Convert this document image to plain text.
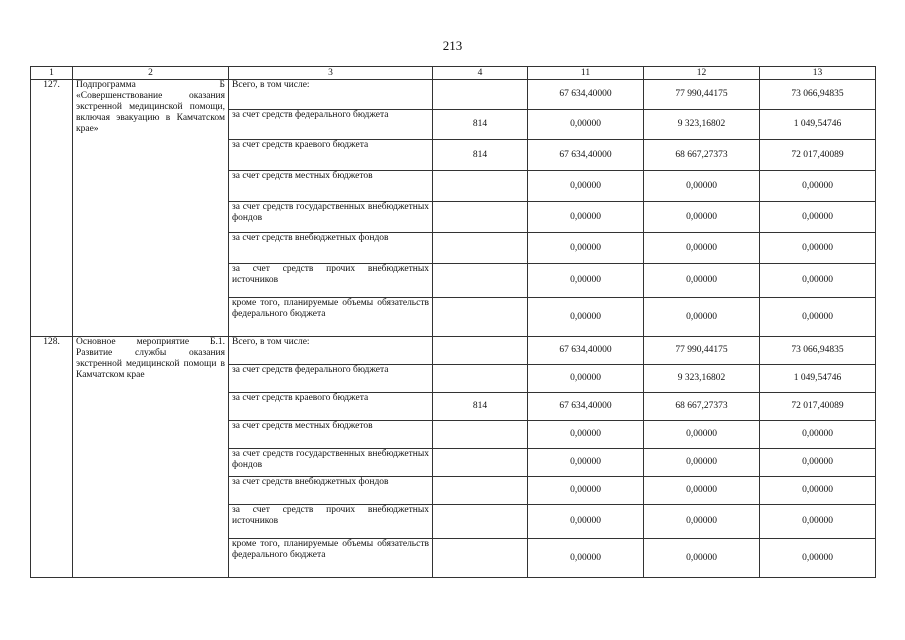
213
1	2	3	4	11	12	13
127.	Подпрограмма Б «Совершенствование оказания экстренной медицинской помощи, включая эвакуацию в Камчатском крае»	Всего, в том числе:		67 634,40000	77 990,44175	73 066,94835
		за счет средств федерального бюджета	814	0,00000	9 323,16802	1 049,54746
		за счет средств краевого бюджета	814	67 634,40000	68 667,27373	72 017,40089
		за счет средств местных бюджетов		0,00000	0,00000	0,00000
		за счет средств государственных внебюджетных фондов		0,00000	0,00000	0,00000
		за счет средств внебюджетных фондов		0,00000	0,00000	0,00000
		за счет средств прочих внебюджетных источников		0,00000	0,00000	0,00000
		кроме того, планируемые объемы обязательств федерального бюджета		0,00000	0,00000	0,00000
128.	Основное мероприятие Б.1. Развитие службы оказания экстренной медицинской помощи в Камчатском крае	Всего, в том числе:		67 634,40000	77 990,44175	73 066,94835
		за счет средств федерального бюджета		0,00000	9 323,16802	1 049,54746
		за счет средств краевого бюджета	814	67 634,40000	68 667,27373	72 017,40089
		за счет средств местных бюджетов		0,00000	0,00000	0,00000
		за счет средств государственных внебюджетных фондов		0,00000	0,00000	0,00000
		за счет средств внебюджетных фондов		0,00000	0,00000	0,00000
		за счет средств прочих внебюджетных источников		0,00000	0,00000	0,00000
		кроме того, планируемые объемы обязательств федерального бюджета		0,00000	0,00000	0,00000
